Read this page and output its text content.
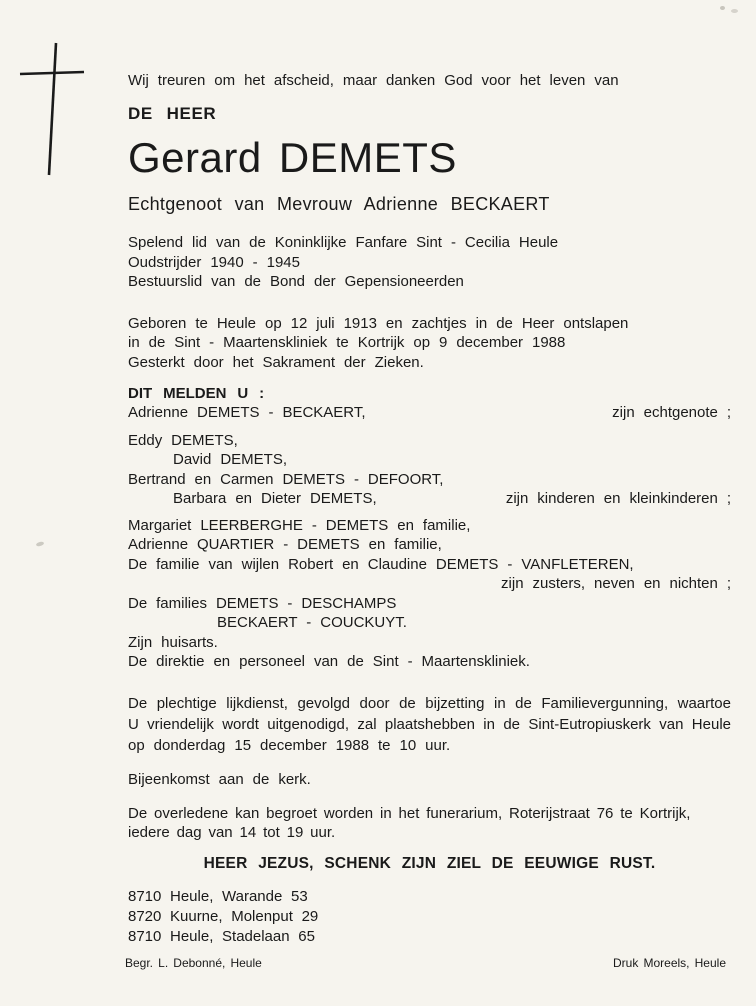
Wij treuren om het afscheid, maar danken God voor het leven van
DE HEER
Gerard DEMETS
Echtgenoot van Mevrouw Adrienne BECKAERT
Spelend lid van de Koninklijke Fanfare Sint - Cecilia Heule
Oudstrijder 1940 - 1945
Bestuurslid van de Bond der Gepensioneerden
Geboren te Heule op 12 juli 1913 en zachtjes in de Heer ontslapen
in de Sint - Maartenskliniek te Kortrijk op 9 december 1988
Gesterkt door het Sakrament der Zieken.
DIT MELDEN U :
Adrienne DEMETS - BECKAERT,	zijn echtgenote ;
Eddy DEMETS,
David DEMETS,
Bertrand en Carmen DEMETS - DEFOORT,
Barbara en Dieter DEMETS,	zijn kinderen en kleinkinderen ;
Margariet LEERBERGHE - DEMETS en familie,
Adrienne QUARTIER - DEMETS en familie,
De familie van wijlen Robert en Claudine DEMETS - VANFLETEREN,
zijn zusters, neven en nichten ;
De families DEMETS - DESCHAMPS
BECKAERT - COUCKUYT.
Zijn huisarts.
De direktie en personeel van de Sint - Maartenskliniek.
De plechtige lijkdienst, gevolgd door de bijzetting in de Familievergunning, waartoe
U vriendelijk wordt uitgenodigd, zal plaatshebben in de Sint-Eutropiuskerk van Heule
op donderdag 15 december 1988 te 10 uur.
Bijeenkomst aan de kerk.
De overledene kan begroet worden in het funerarium, Roterijstraat 76 te Kortrijk,
iedere dag van 14 tot 19 uur.
HEER JEZUS, SCHENK ZIJN ZIEL DE EEUWIGE RUST.
8710 Heule, Warande 53
8720 Kuurne, Molenput 29
8710 Heule, Stadelaan 65
Begr. L. Debonné, Heule	Druk Moreels, Heule
